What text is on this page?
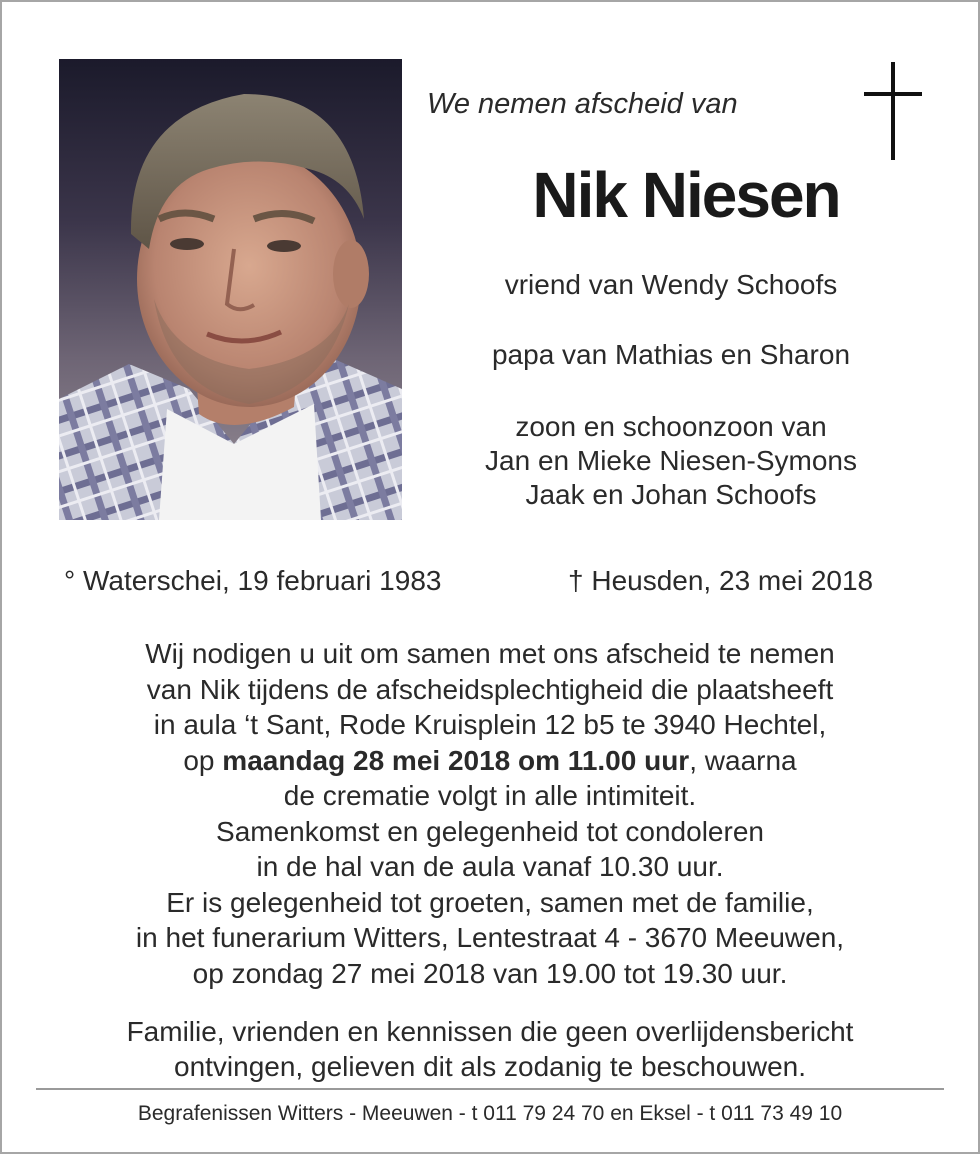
We nemen afscheid van
Nik Niesen
vriend van Wendy Schoofs
papa van Mathias en Sharon
zoon en schoonzoon van
Jan en Mieke Niesen-Symons
Jaak en Johan Schoofs
° Waterschei, 19 februari 1983	† Heusden, 23 mei 2018
Wij nodigen u uit om samen met ons afscheid te nemen
van Nik tijdens de afscheidsplechtigheid die plaatsheeft
in aula ‘t Sant, Rode Kruisplein 12 b5 te 3940 Hechtel,
op maandag 28 mei 2018 om 11.00 uur, waarna
de crematie volgt in alle intimiteit.
Samenkomst en gelegenheid tot condoleren
in de hal van de aula vanaf 10.30 uur.
Er is gelegenheid tot groeten, samen met de familie,
in het funerarium Witters, Lentestraat 4 - 3670 Meeuwen,
op zondag 27 mei 2018 van 19.00 tot 19.30 uur.
Familie, vrienden en kennissen die geen overlijdensbericht
ontvingen, gelieven dit als zodanig te beschouwen.
Begrafenissen Witters - Meeuwen - t 011 79 24 70 en Eksel - t 011 73 49 10
